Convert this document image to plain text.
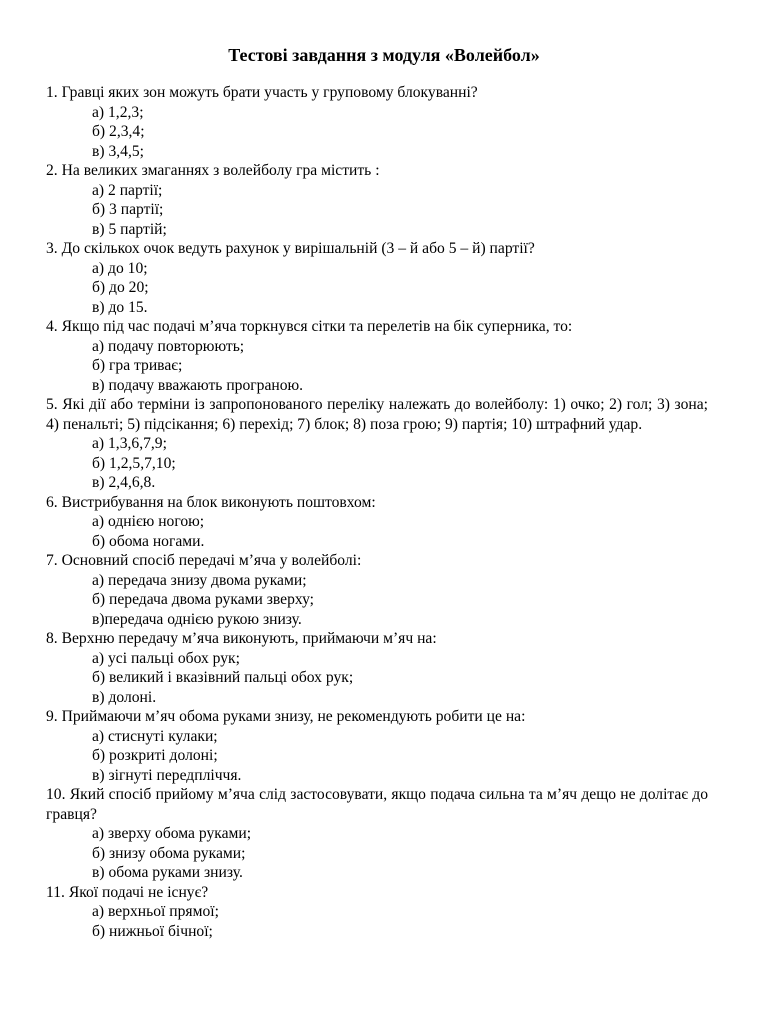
Тестові завдання з модуля «Волейбол»

1. Гравці яких зон можуть брати участь у груповому блокуванні?

а) 1,2,3;
б) 2,3,4;
в) 3,4,5;

2. На великих змаганнях з волейболу гра містить :

а) 2 партії;
б) 3 партії;
в) 5 партій;

3. До скількох очок ведуть рахунок у вирішальній (3 – й або 5 – й) партії?

а) до 10;
б) до 20;
в) до 15.

4. Якщо під час подачі м’яча торкнувся сітки та перелетів на бік суперника, то:

а) подачу повторюють;
б) гра триває;
в) подачу вважають програною.

5. Які дії або терміни із запропонованого переліку належать до волейболу: 1) очко; 2) гол; 3) зона; 4) пенальті; 5) підсікання; 6) перехід; 7) блок; 8) поза грою; 9) партія; 10) штрафний удар.

а) 1,3,6,7,9;
б) 1,2,5,7,10;
в) 2,4,6,8.

6. Вистрибування на блок виконують поштовхом:

а) однією ногою;
б) обома ногами.

7. Основний спосіб передачі м’яча у волейболі:

а) передача знизу двома руками;
б) передача двома руками зверху;
в)передача однією рукою знизу.

8. Верхню передачу м’яча виконують, приймаючи м’яч на:

а) усі пальці обох рук;
б) великий і вказівний пальці обох рук;
в) долоні.

9. Приймаючи м’яч обома руками знизу, не рекомендують робити це на:

а) стиснуті кулаки;
б) розкриті долоні;
в) зігнуті передпліччя.

10. Який спосіб прийому м’яча слід застосовувати, якщо подача сильна та м’яч дещо не долітає до гравця?

а) зверху обома руками;
б) знизу обома руками;
в) обома руками знизу.

11. Якої подачі не існує?

а) верхньої прямої;
б) нижньої бічної;
